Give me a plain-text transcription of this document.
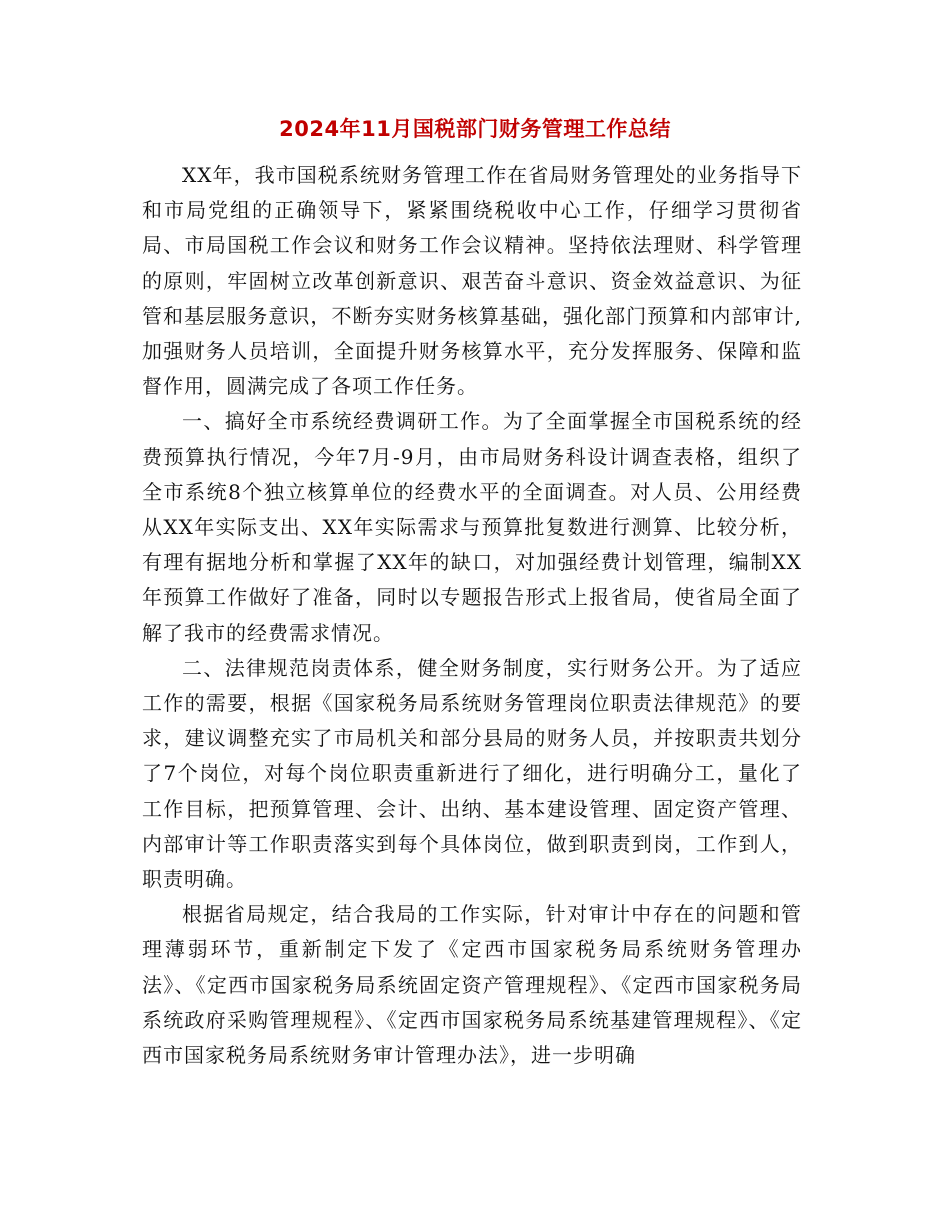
2024年11月国税部门财务管理工作总结

XX年，我市国税系统财务管理工作在省局财务管理处的业务指导下和市局党组的正确领导下，紧紧围绕税收中心工作，仔细学习贯彻省局、市局国税工作会议和财务工作会议精神。坚持依法理财、科学管理的原则，牢固树立改革创新意识、艰苦奋斗意识、资金效益意识、为征管和基层服务意识，不断夯实财务核算基础，强化部门预算和内部审计,加强财务人员培训，全面提升财务核算水平，充分发挥服务、保障和监督作用，圆满完成了各项工作任务。

一、搞好全市系统经费调研工作。为了全面掌握全市国税系统的经费预算执行情况，今年7月-9月，由市局财务科设计调查表格，组织了全市系统8个独立核算单位的经费水平的全面调查。对人员、公用经费从XX年实际支出、XX年实际需求与预算批复数进行测算、比较分析，有理有据地分析和掌握了XX年的缺口，对加强经费计划管理，编制XX年预算工作做好了准备，同时以专题报告形式上报省局，使省局全面了解了我市的经费需求情况。

二、法律规范岗责体系，健全财务制度，实行财务公开。为了适应工作的需要，根据《国家税务局系统财务管理岗位职责法律规范》的要求，建议调整充实了市局机关和部分县局的财务人员，并按职责共划分了7个岗位，对每个岗位职责重新进行了细化，进行明确分工，量化了工作目标，把预算管理、会计、出纳、基本建设管理、固定资产管理、内部审计等工作职责落实到每个具体岗位，做到职责到岗，工作到人，职责明确。

根据省局规定，结合我局的工作实际，针对审计中存在的问题和管理薄弱环节，重新制定下发了《定西市国家税务局系统财务管理办法》、《定西市国家税务局系统固定资产管理规程》、《定西市国家税务局系统政府采购管理规程》、《定西市国家税务局系统基建管理规程》、《定西市国家税务局系统财务审计管理办法》，进一步明确
